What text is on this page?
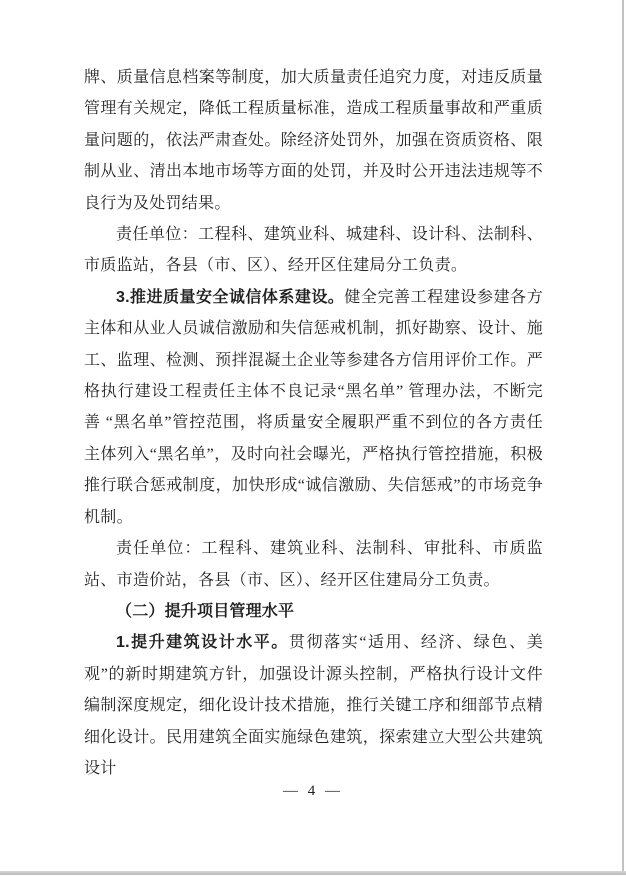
牌、质量信息档案等制度，加大质量责任追究力度，对违反质量管理有关规定，降低工程质量标准，造成工程质量事故和严重质量问题的，依法严肃查处。除经济处罚外，加强在资质资格、限制从业、清出本地市场等方面的处罚，并及时公开违法违规等不良行为及处罚结果。

责任单位：工程科、建筑业科、城建科、设计科、法制科、市质监站，各县（市、区）、经开区住建局分工负责。

3.推进质量安全诚信体系建设。健全完善工程建设参建各方主体和从业人员诚信激励和失信惩戒机制，抓好勘察、设计、施工、监理、检测、预拌混凝土企业等参建各方信用评价工作。严格执行建设工程责任主体不良记录“黑名单” 管理办法，不断完善 “黑名单”管控范围，将质量安全履职严重不到位的各方责任主体列入“黑名单”，及时向社会曝光，严格执行管控措施，积极推行联合惩戒制度，加快形成“诚信激励、失信惩戒”的市场竞争机制。

责任单位：工程科、建筑业科、法制科、审批科、市质监站、市造价站，各县（市、区）、经开区住建局分工负责。

（二）提升项目管理水平

1.提升建筑设计水平。贯彻落实“适用、经济、绿色、美观”的新时期建筑方针，加强设计源头控制，严格执行设计文件编制深度规定，细化设计技术措施，推行关键工序和细部节点精细化设计。民用建筑全面实施绿色建筑，探索建立大型公共建筑设计

— 4 —
